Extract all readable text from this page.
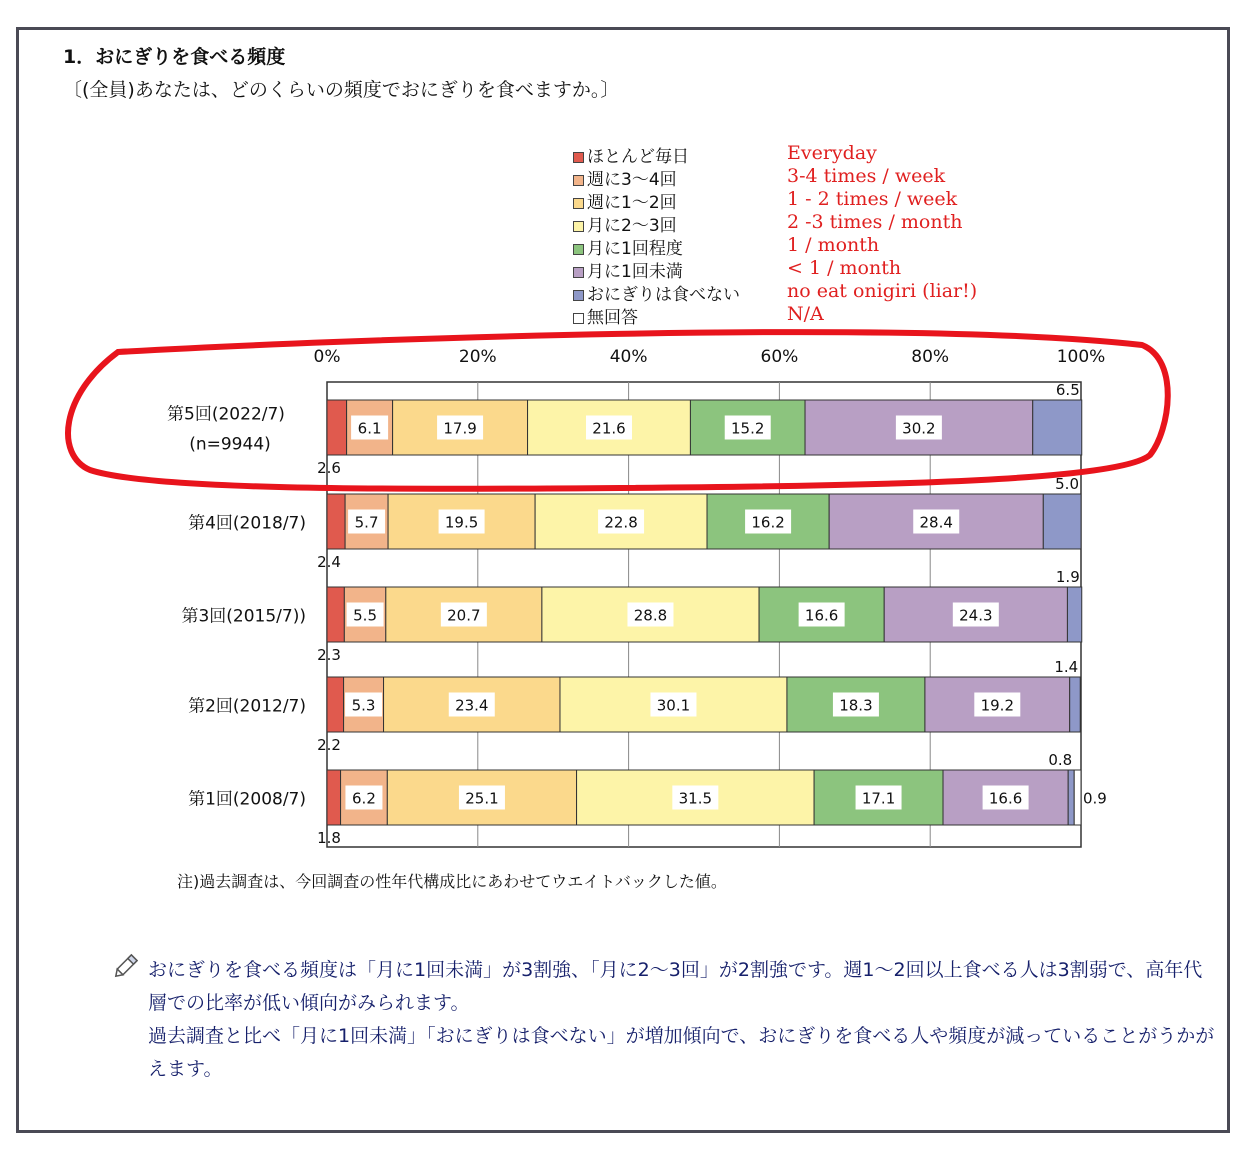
1．おにぎりを食べる頻度
〔(全員)あなたは、どのくらいの頻度でおにぎりを食べますか。〕
ほとんど毎日
週に3～4回
週に1～2回
月に2～3回
月に1回程度
月に1回未満
おにぎりは食べない
無回答
Everyday
3-4 times / week
1 - 2 times / week
2 -3 times / month
1 / month
< 1 / month
no eat onigiri (liar!)
N/A
0%	20%	40%	60%	80%	100%
第5回(2022/7)
(n=9944)
2.6
6.1	17.9	21.6	15.2	30.2
6.5
第4回(2018/7)
2.4
5.7	19.5	22.8	16.2	28.4
5.0
第3回(2015/7))
2.3
5.5	20.7	28.8	16.6	24.3
1.9
第2回(2012/7)
2.2
5.3	23.4	30.1	18.3	19.2
1.4
第1回(2008/7)
1.8
6.2	25.1	31.5	17.1	16.6
0.8
0.9
注)過去調査は、今回調査の性年代構成比にあわせてウエイトバックした値。

おにぎりを食べる頻度は「月に1回未満」が3割強、「月に2～3回」が2割強です。週1～2回以上食べる人は3割弱で、高年代層での比率が低い傾向がみられます。

過去調査と比べ「月に1回未満」「おにぎりは食べない」が増加傾向で、おにぎりを食べる人や頻度が減っていることがうかがえます。
